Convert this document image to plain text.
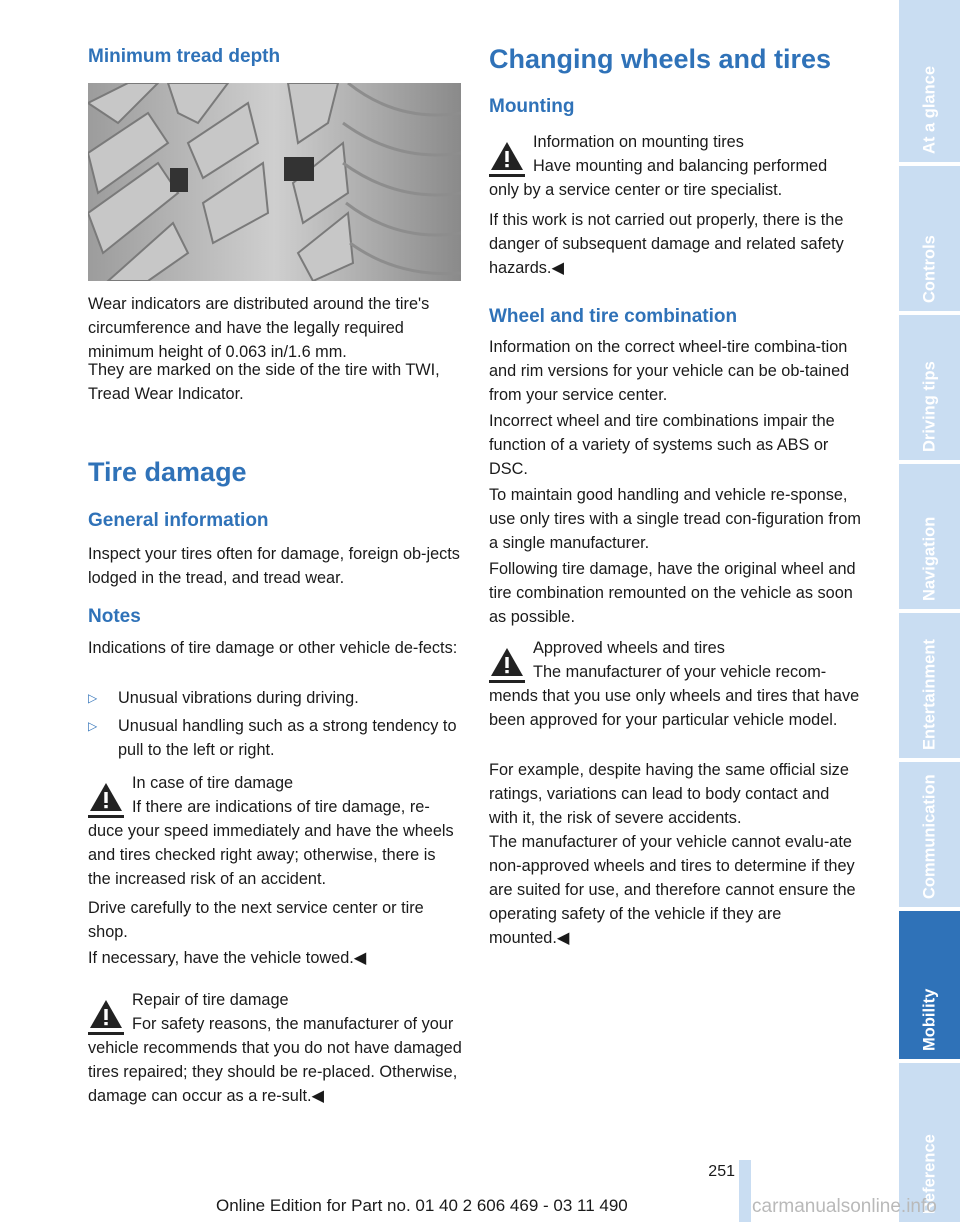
Minimum tread depth
Wear indicators are distributed around the tire's circumference and have the legally required minimum height of 0.063 in/1.6 mm.
They are marked on the side of the tire with TWI, Tread Wear Indicator.
Tire damage
General information
Inspect your tires often for damage, foreign ob-jects lodged in the tread, and tread wear.
Notes
Indications of tire damage or other vehicle de-fects:
▷ Unusual vibrations during driving.
▷ Unusual handling such as a strong tendency to pull to the left or right.
In case of tire damage
If there are indications of tire damage, re-duce your speed immediately and have the wheels and tires checked right away; otherwise, there is the increased risk of an accident.
Drive carefully to the next service center or tire shop.
If necessary, have the vehicle towed.◀
Repair of tire damage
For safety reasons, the manufacturer of your vehicle recommends that you do not have damaged tires repaired; they should be re-placed. Otherwise, damage can occur as a re-sult.◀
Changing wheels and tires
Mounting
Information on mounting tires
Have mounting and balancing performed only by a service center or tire specialist.
If this work is not carried out properly, there is the danger of subsequent damage and related safety hazards.◀
Wheel and tire combination
Information on the correct wheel-tire combina-tion and rim versions for your vehicle can be ob-tained from your service center.
Incorrect wheel and tire combinations impair the function of a variety of systems such as ABS or DSC.
To maintain good handling and vehicle re-sponse, use only tires with a single tread con-figuration from a single manufacturer.
Following tire damage, have the original wheel and tire combination remounted on the vehicle as soon as possible.
Approved wheels and tires
The manufacturer of your vehicle recom-mends that you use only wheels and tires that have been approved for your particular vehicle model.
For example, despite having the same official size ratings, variations can lead to body contact and with it, the risk of severe accidents.
The manufacturer of your vehicle cannot evalu-ate non-approved wheels and tires to determine if they are suited for use, and therefore cannot ensure the operating safety of the vehicle if they are mounted.◀
At a glance
Controls
Driving tips
Navigation
Entertainment
Communication
Mobility
Reference
251
Online Edition for Part no. 01 40 2 606 469 - 03 11 490	carmanualsonline.info
